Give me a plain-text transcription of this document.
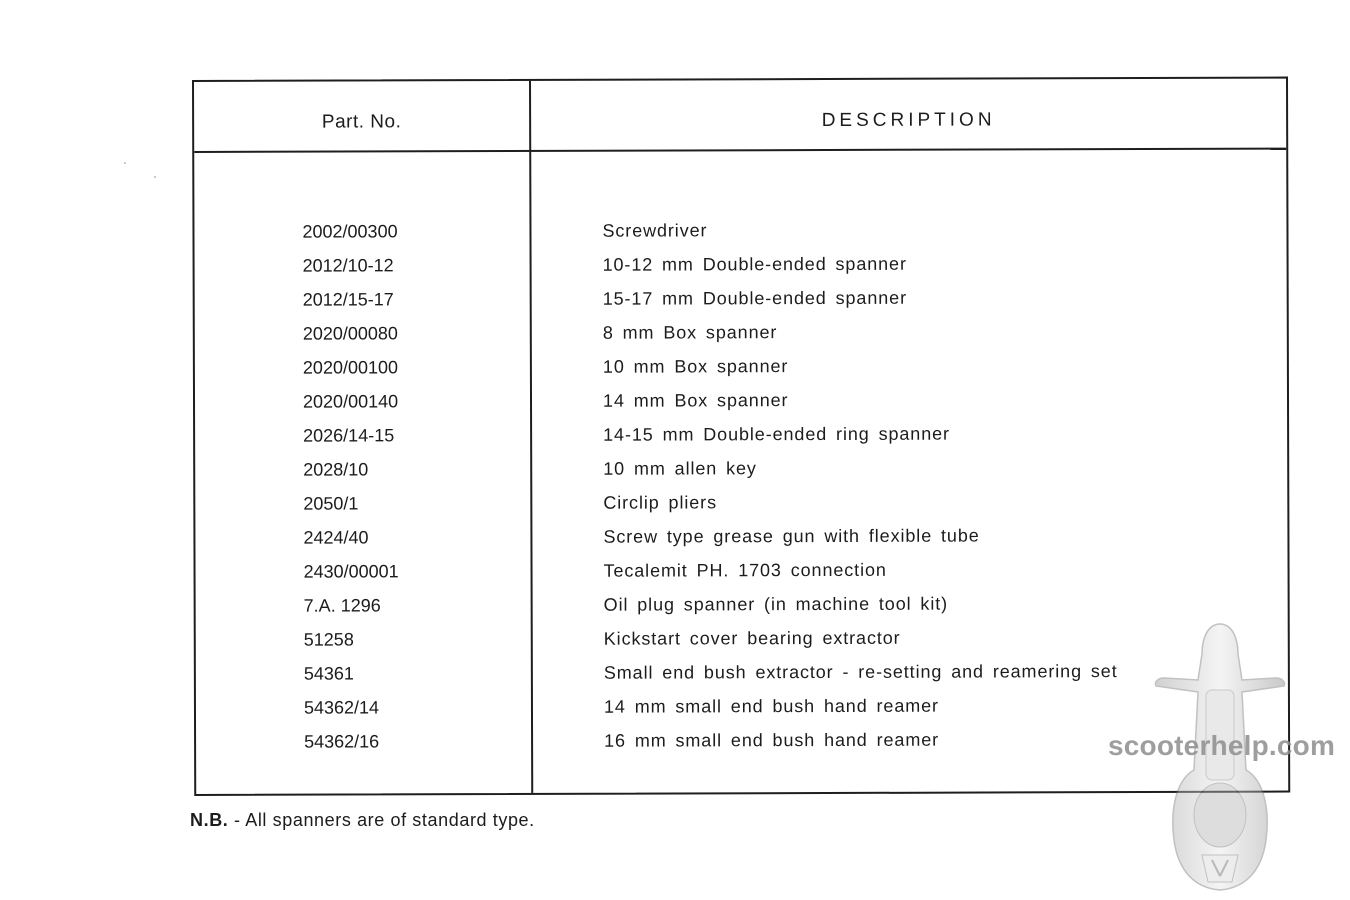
Part. No.	DESCRIPTION
2002/00300	Screwdriver
2012/10-12	10-12 mm Double-ended spanner
2012/15-17	15-17 mm Double-ended spanner
2020/00080	8 mm Box spanner
2020/00100	10 mm Box spanner
2020/00140	14 mm Box spanner
2026/14-15	14-15 mm Double-ended ring spanner
2028/10	10 mm allen key
2050/1	Circlip pliers
2424/40	Screw type grease gun with flexible tube
2430/00001	Tecalemit PH. 1703 connection
7.A. 1296	Oil plug spanner (in machine tool kit)
51258	Kickstart cover bearing extractor
54361	Small end bush extractor - re-setting and reamering set
54362/14	14 mm small end bush hand reamer
54362/16	16 mm small end bush hand reamer
N.B. - All spanners are of standard type.
scooterhelp.com
